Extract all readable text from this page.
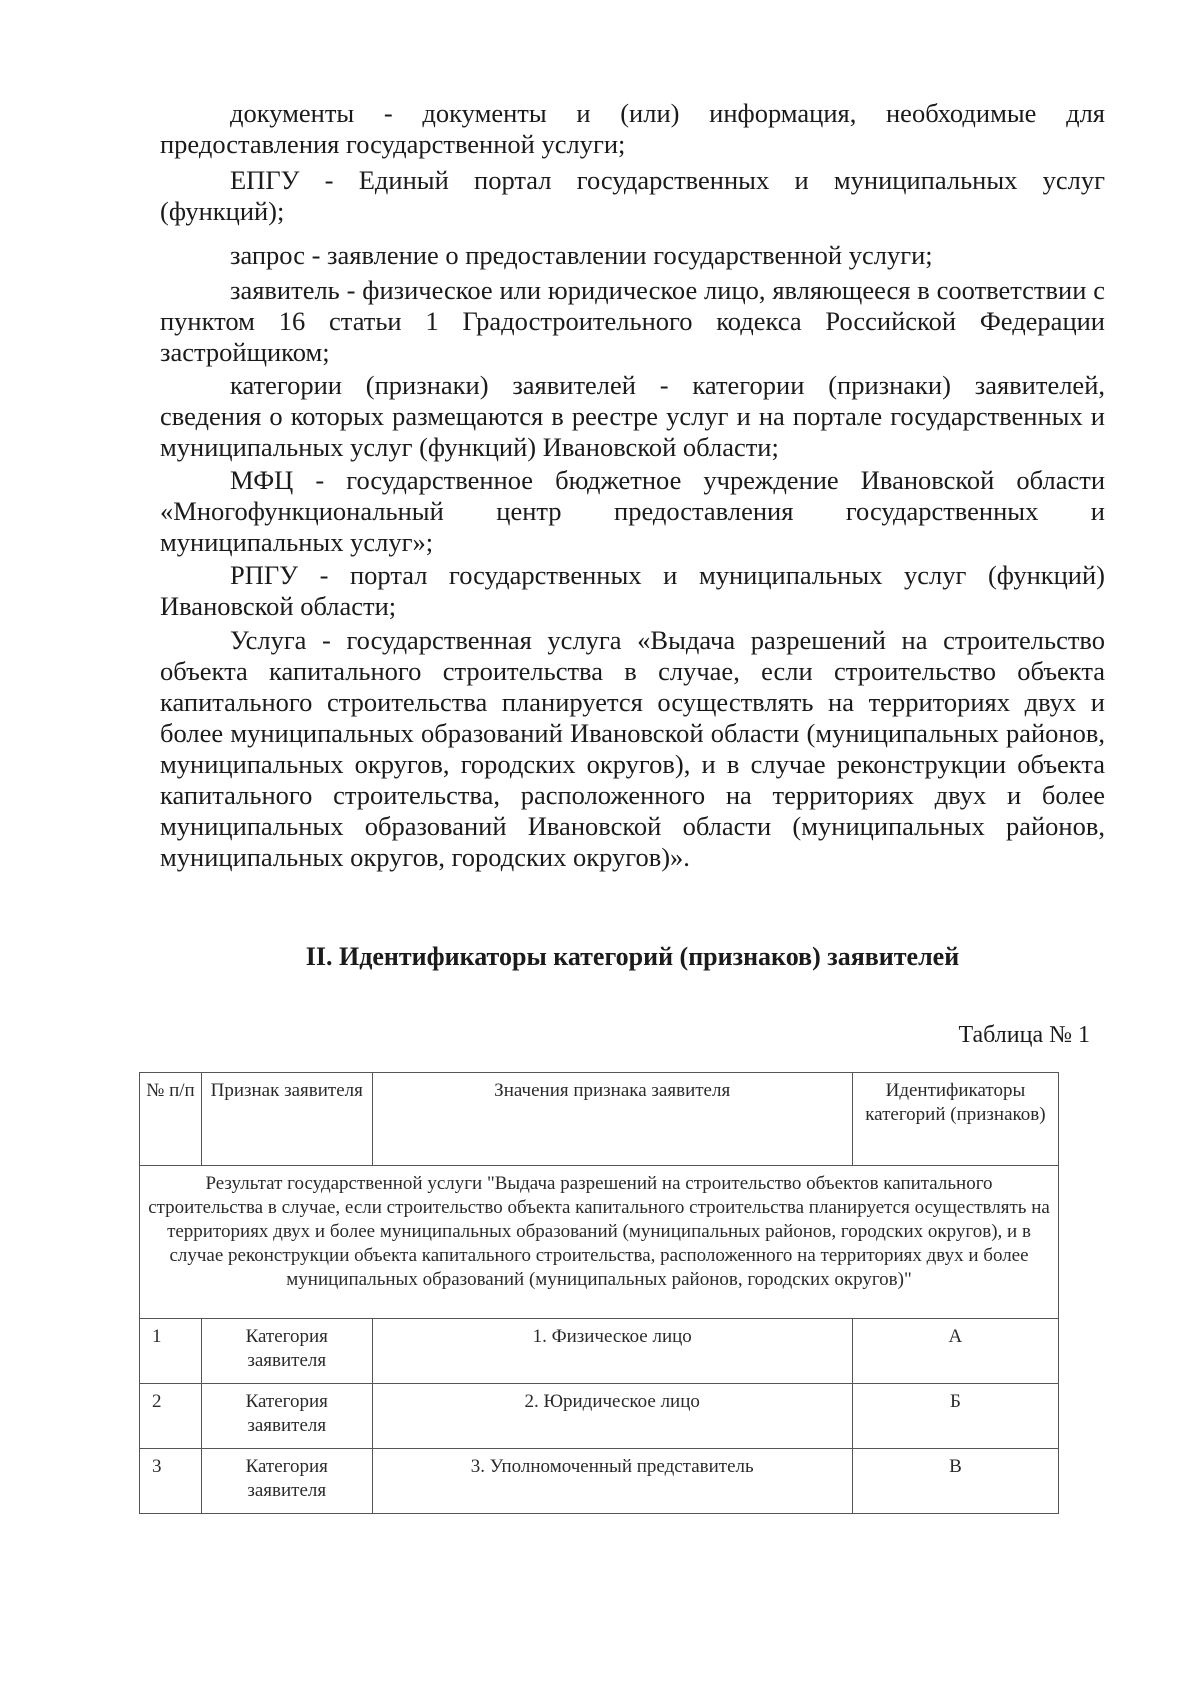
документы - документы и (или) информация, необходимые для предоставления государственной услуги;

ЕПГУ - Единый портал государственных и муниципальных услуг (функций);

запрос - заявление о предоставлении государственной услуги;

заявитель - физическое или юридическое лицо, являющееся в соответствии с пунктом 16 статьи 1 Градостроительного кодекса Российской Федерации застройщиком;

категории (признаки) заявителей - категории (признаки) заявителей, сведения о которых размещаются в реестре услуг и на портале государственных и муниципальных услуг (функций) Ивановской области;

МФЦ - государственное бюджетное учреждение Ивановской области «Многофункциональный центр предоставления государственных и муниципальных услуг»;

РПГУ - портал государственных и муниципальных услуг (функций) Ивановской области;

Услуга - государственная услуга «Выдача разрешений на строительство объекта капитального строительства в случае, если строительство объекта капитального строительства планируется осуществлять на территориях двух и более муниципальных образований Ивановской области (муниципальных районов, муниципальных округов, городских округов), и в случае реконструкции объекта капитального строительства, расположенного на территориях двух и более муниципальных образований Ивановской области (муниципальных районов, муниципальных округов, городских округов)».

II. Идентификаторы категорий (признаков) заявителей
Таблица № 1
№ п/п	Признак заявителя	Значения признака заявителя	Идентификаторы категорий (признаков)
Результат государственной услуги "Выдача разрешений на строительство объектов капитального строительства в случае, если строительство объекта капитального строительства планируется осуществлять на территориях двух и более муниципальных образований (муниципальных районов, городских округов), и в случае реконструкции объекта капитального строительства, расположенного на территориях двух и более муниципальных образований (муниципальных районов, городских округов)"			
1	Категория заявителя	1. Физическое лицо	А
2	Категория заявителя	2. Юридическое лицо	Б
3	Категория заявителя	3. Уполномоченный представитель	В
